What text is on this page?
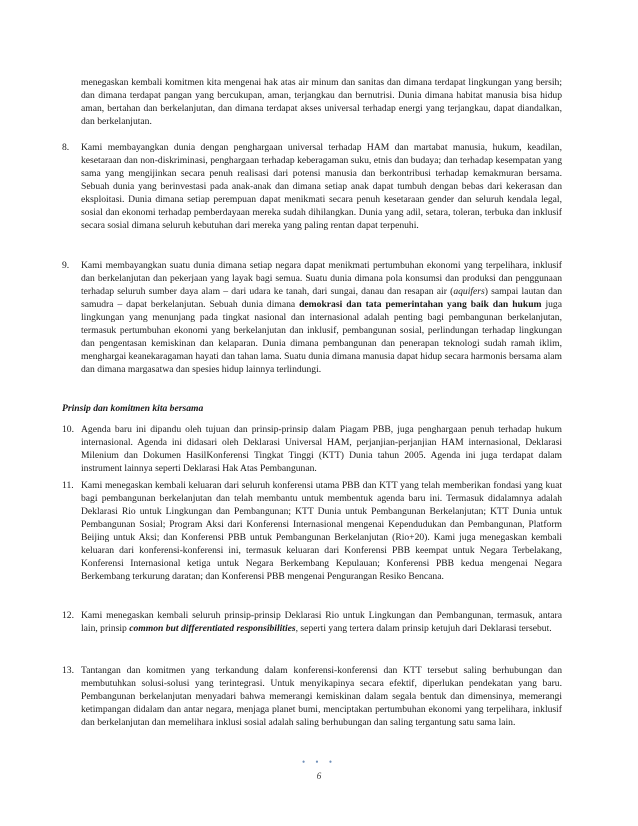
menegaskan kembali komitmen kita mengenai hak atas air minum dan sanitas dan dimana terdapat lingkungan yang bersih; dan dimana terdapat pangan yang bercukupan, aman, terjangkau dan bernutrisi. Dunia dimana habitat manusia bisa hidup aman, bertahan dan berkelanjutan, dan dimana terdapat akses universal terhadap energi yang terjangkau, dapat diandalkan, dan berkelanjutan.
8.	Kami membayangkan dunia dengan penghargaan universal terhadap HAM dan martabat manusia, hukum, keadilan, kesetaraan dan non-diskriminasi, penghargaan terhadap keberagaman suku, etnis dan budaya; dan terhadap kesempatan yang sama yang mengijinkan secara penuh realisasi dari potensi manusia dan berkontribusi terhadap kemakmuran bersama. Sebuah dunia yang berinvestasi pada anak-anak dan dimana setiap anak dapat tumbuh dengan bebas dari kekerasan dan eksploitasi. Dunia dimana setiap perempuan dapat menikmati secara penuh kesetaraan gender dan seluruh kendala legal, sosial dan ekonomi terhadap pemberdayaan mereka sudah dihilangkan. Dunia yang adil, setara, toleran, terbuka dan inklusif secara sosial dimana seluruh kebutuhan dari mereka yang paling rentan dapat terpenuhi.
9.	Kami membayangkan suatu dunia dimana setiap negara dapat menikmati pertumbuhan ekonomi yang terpelihara, inklusif dan berkelanjutan dan pekerjaan yang layak bagi semua. Suatu dunia dimana pola konsumsi dan produksi dan penggunaan terhadap seluruh sumber daya alam – dari udara ke tanah, dari sungai, danau dan resapan air (aquifers) sampai lautan dan samudra – dapat berkelanjutan. Sebuah dunia dimana demokrasi dan tata pemerintahan yang baik dan hukum juga lingkungan yang menunjang pada tingkat nasional dan internasional adalah penting bagi pembangunan berkelanjutan, termasuk pertumbuhan ekonomi yang berkelanjutan dan inklusif, pembangunan sosial, perlindungan terhadap lingkungan dan pengentasan kemiskinan dan kelaparan. Dunia dimana pembangunan dan penerapan teknologi sudah ramah iklim, menghargai keanekaragaman hayati dan tahan lama. Suatu dunia dimana manusia dapat hidup secara harmonis bersama alam dan dimana margasatwa dan spesies hidup lainnya terlindungi.
Prinsip dan komitmen kita bersama
10. Agenda baru ini dipandu oleh tujuan dan prinsip-prinsip dalam Piagam PBB, juga penghargaan penuh terhadap hukum internasional. Agenda ini didasari oleh Deklarasi Universal HAM, perjanjian-perjanjian HAM internasional, Deklarasi Milenium dan Dokumen HasilKonferensi Tingkat Tinggi (KTT) Dunia tahun 2005. Agenda ini juga terdapat dalam instrument lainnya seperti Deklarasi Hak Atas Pembangunan.
11. Kami menegaskan kembali keluaran dari seluruh konferensi utama PBB dan KTT yang telah memberikan fondasi yang kuat bagi pembangunan berkelanjutan dan telah membantu untuk membentuk agenda baru ini. Termasuk didalamnya adalah Deklarasi Rio untuk Lingkungan dan Pembangunan; KTT Dunia untuk Pembangunan Berkelanjutan; KTT Dunia untuk Pembangunan Sosial; Program Aksi dari Konferensi Internasional mengenai Kependudukan dan Pembangunan, Platform Beijing untuk Aksi; dan Konferensi PBB untuk Pembangunan Berkelanjutan (Rio+20). Kami juga menegaskan kembali keluaran dari konferensi-konferensi ini, termasuk keluaran dari Konferensi PBB keempat untuk Negara Terbelakang, Konferensi Internasional ketiga untuk Negara Berkembang Kepulauan; Konferensi PBB kedua mengenai Negara Berkembang terkurung daratan; dan Konferensi PBB mengenai Pengurangan Resiko Bencana.
12. Kami menegaskan kembali seluruh prinsip-prinsip Deklarasi Rio untuk Lingkungan dan Pembangunan, termasuk, antara lain, prinsip common but differentiated responsibilities, seperti yang tertera dalam prinsip ketujuh dari Deklarasi tersebut.
13. Tantangan dan komitmen yang terkandung dalam konferensi-konferensi dan KTT tersebut saling berhubungan dan membutuhkan solusi-solusi yang terintegrasi. Untuk menyikapinya secara efektif, diperlukan pendekatan yang baru. Pembangunan berkelanjutan menyadari bahwa memerangi kemiskinan dalam segala bentuk dan dimensinya, memerangi ketimpangan didalam dan antar negara, menjaga planet bumi, menciptakan pertumbuhan ekonomi yang terpelihara, inklusif dan berkelanjutan dan memelihara inklusi sosial adalah saling berhubungan dan saling tergantung satu sama lain.
• • •
6
